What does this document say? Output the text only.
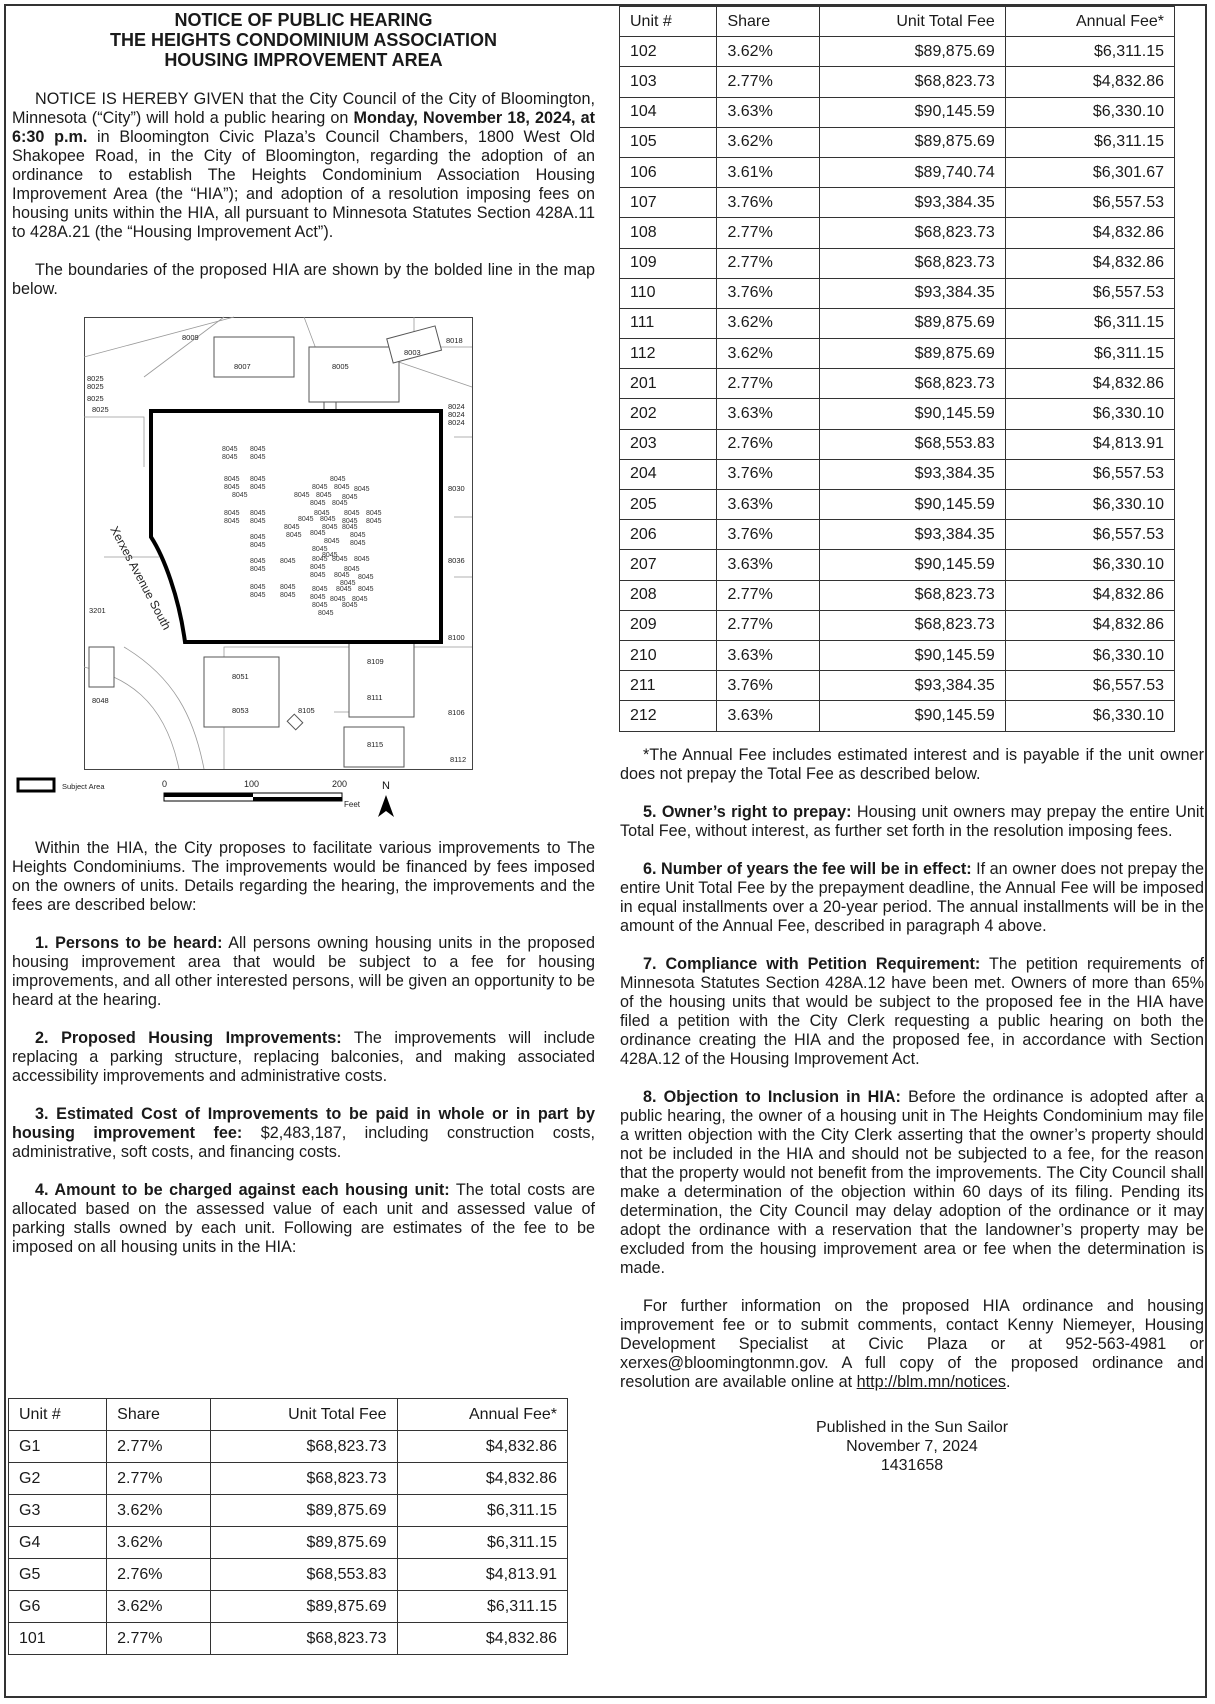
NOTICE OF PUBLIC HEARING
THE HEIGHTS CONDOMINIUM ASSOCIATION
HOUSING IMPROVEMENT AREA

NOTICE IS HEREBY GIVEN that the City Council of the City of Bloomington, Minnesota (“City”) will hold a public hearing on Monday, November 18, 2024, at 6:30 p.m. in Bloomington Civic Plaza’s Council Chambers, 1800 West Old Shakopee Road, in the City of Bloomington, regarding the adoption of an ordinance to establish The Heights Condominium Association Housing Improvement Area (the “HIA”); and adoption of a resolution imposing fees on housing units within the HIA, all pursuant to Minnesota Statutes Section 428A.11 to 428A.21 (the “Housing Improvement Act”).

The boundaries of the proposed HIA are shown by the bolded line in the map below.

8009	8018
8003
8007	8005
8025
8025
8025
8025	8024
8024
8024
8030
8036
3201
8100
8051
8109
8048
8053	8105
8111
8106
8115
8112
8045 8045
8045 8045
8045 8045
8045 8045
8045
8045 8045
8045 8045
8045
8045
8045
8045
8045
8045
8045
8045
8045
8045
8045 8045 8045
8045 8045 8045
8045 8045
8045 8045 8045
8045 8045 8045 8045
8045	8045 8045
8045 8045	8045
8045 8045
8045
8045
8045 8045 8045
8045	8045
8045 8045 8045
8045
8045 8045 8045
8045 8045 8045
8045 8045
8045
Xerxes Avenue South
Subject Area	0	100	200
Feet
N

Within the HIA, the City proposes to facilitate various improvements to The Heights Condominiums. The improvements would be financed by fees imposed on the owners of units. Details regarding the hearing, the improvements and the fees are described below:

1. Persons to be heard: All persons owning housing units in the proposed housing improvement area that would be subject to a fee for housing improvements, and all other interested persons, will be given an opportunity to be heard at the hearing.

2. Proposed Housing Improvements: The improvements will include replacing a parking structure, replacing balconies, and making associated accessibility improvements and administrative costs.

3. Estimated Cost of Improvements to be paid in whole or in part by housing improvement fee: $2,483,187, including construction costs, administrative, soft costs, and financing costs.

4. Amount to be charged against each housing unit: The total costs are allocated based on the assessed value of each unit and assessed value of parking stalls owned by each unit. Following are estimates of the fee to be imposed on all housing units in the HIA:

Unit #	Share	Unit Total Fee	Annual Fee*
G1	2.77%	$68,823.73	$4,832.86
G2	2.77%	$68,823.73	$4,832.86
G3	3.62%	$89,875.69	$6,311.15
G4	3.62%	$89,875.69	$6,311.15
G5	2.76%	$68,553.83	$4,813.91
G6	3.62%	$89,875.69	$6,311.15
101	2.77%	$68,823.73	$4,832.86
Unit #	Share	Unit Total Fee	Annual Fee*
102	3.62%	$89,875.69	$6,311.15
103	2.77%	$68,823.73	$4,832.86
104	3.63%	$90,145.59	$6,330.10
105	3.62%	$89,875.69	$6,311.15
106	3.61%	$89,740.74	$6,301.67
107	3.76%	$93,384.35	$6,557.53
108	2.77%	$68,823.73	$4,832.86
109	2.77%	$68,823.73	$4,832.86
110	3.76%	$93,384.35	$6,557.53
111	3.62%	$89,875.69	$6,311.15
112	3.62%	$89,875.69	$6,311.15
201	2.77%	$68,823.73	$4,832.86
202	3.63%	$90,145.59	$6,330.10
203	2.76%	$68,553.83	$4,813.91
204	3.76%	$93,384.35	$6,557.53
205	3.63%	$90,145.59	$6,330.10
206	3.76%	$93,384.35	$6,557.53
207	3.63%	$90,145.59	$6,330.10
208	2.77%	$68,823.73	$4,832.86
209	2.77%	$68,823.73	$4,832.86
210	3.63%	$90,145.59	$6,330.10
211	3.76%	$93,384.35	$6,557.53
212	3.63%	$90,145.59	$6,330.10

*The Annual Fee includes estimated interest and is payable if the unit owner does not prepay the Total Fee as described below.

5. Owner’s right to prepay: Housing unit owners may prepay the entire Unit Total Fee, without interest, as further set forth in the resolution imposing fees.

6. Number of years the fee will be in effect: If an owner does not prepay the entire Unit Total Fee by the prepayment deadline, the Annual Fee will be imposed in equal installments over a 20-year period. The annual installments will be in the amount of the Annual Fee, described in paragraph 4 above.

7. Compliance with Petition Requirement: The petition requirements of Minnesota Statutes Section 428A.12 have been met. Owners of more than 65% of the housing units that would be subject to the proposed fee in the HIA have filed a petition with the City Clerk requesting a public hearing on both the ordinance creating the HIA and the proposed fee, in accordance with Section 428A.12 of the Housing Improvement Act.

8. Objection to Inclusion in HIA: Before the ordinance is adopted after a public hearing, the owner of a housing unit in The Heights Condominium may file a written objection with the City Clerk asserting that the owner’s property should not be included in the HIA and should not be subjected to a fee, for the reason that the property would not benefit from the improvements. The City Council shall make a determination of the objection within 60 days of its filing. Pending its determination, the City Council may delay adoption of the ordinance or it may adopt the ordinance with a reservation that the landowner’s property may be excluded from the housing improvement area or fee when the determination is made.

For further information on the proposed HIA ordinance and housing improvement fee or to submit comments, contact Kenny Niemeyer, Housing Development Specialist at Civic Plaza or at 952-563-4981 or xerxes@bloomingtonmn.gov. A full copy of the proposed ordinance and resolution are available online at http://blm.mn/notices.

Published in the Sun Sailor
November 7, 2024
1431658
